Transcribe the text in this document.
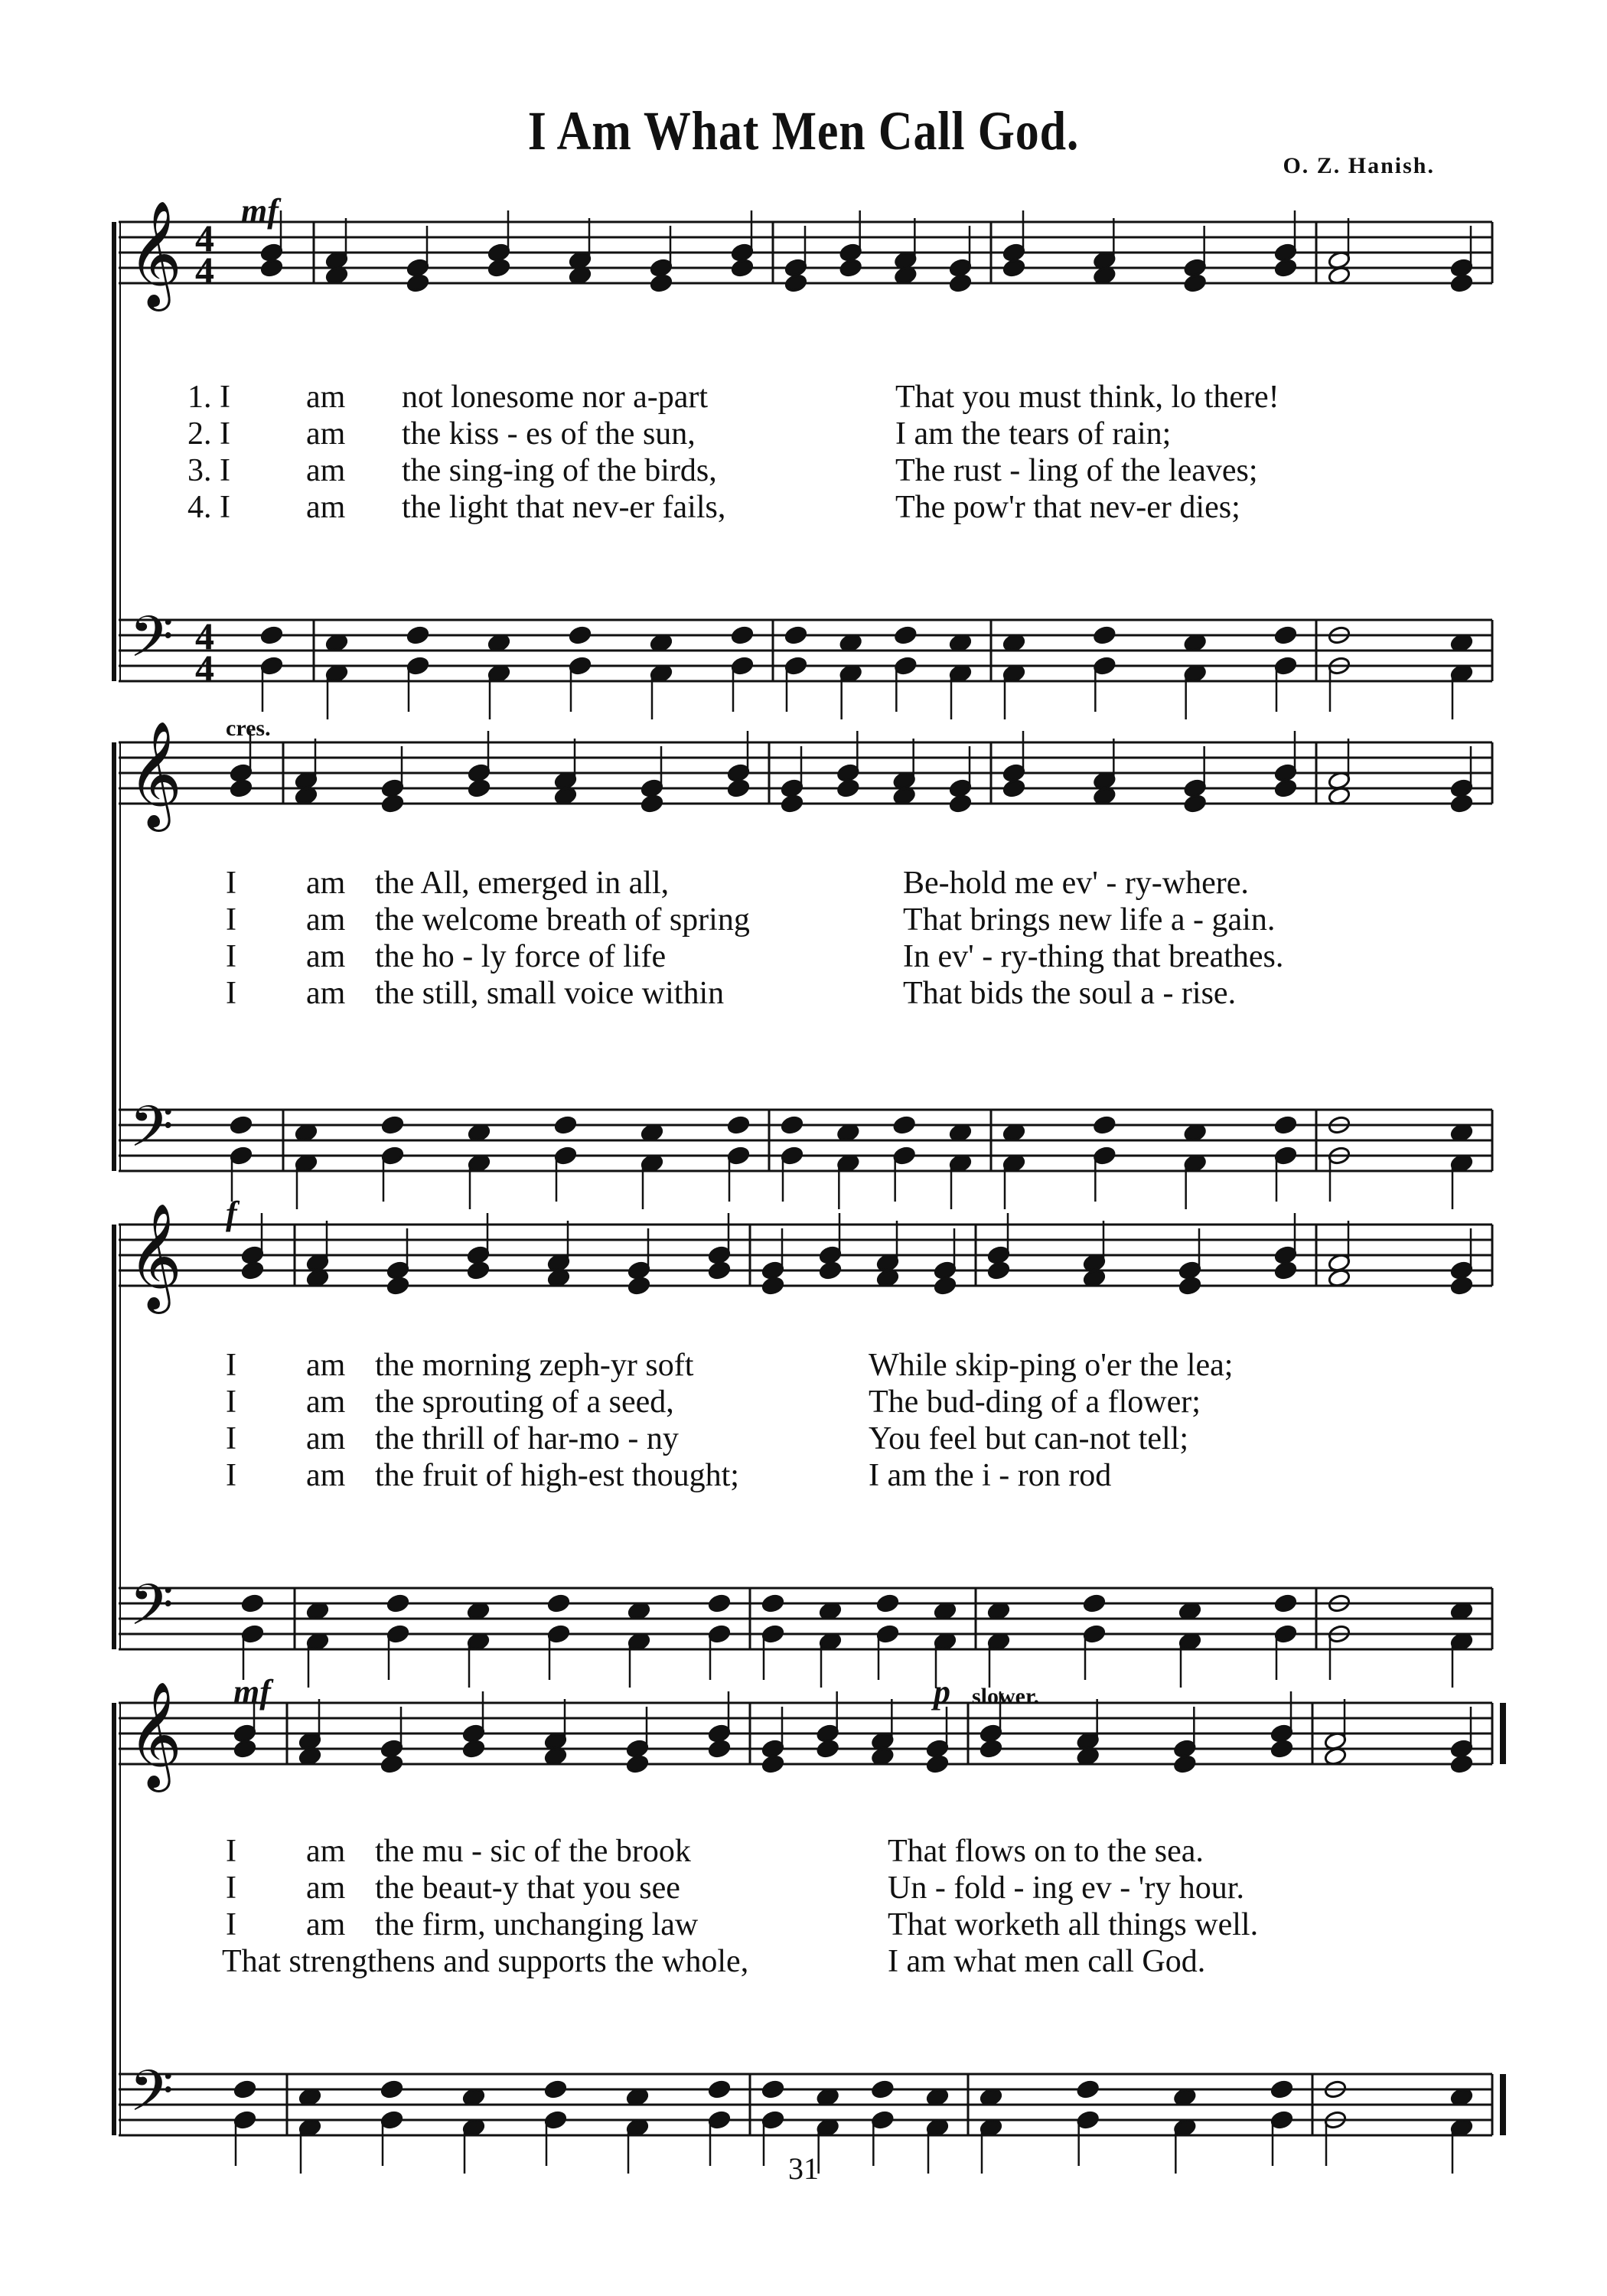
I Am What Men Call God.
O. Z. Hanish.
𝄞
𝄢
4
4
4
4
𝄞
𝄢
𝄞
𝄢
𝄞
𝄢
mf
1. I am not lonesome nor a-part	That you must think, lo there!
2. I am the kiss - es of the sun,	I am the tears of rain;
3. I am the sing-ing of the birds,	The rust - ling of the leaves;
4. I am the light that nev-er fails,	The pow'r that nev-er dies;
cres.
I am the All, emerged in all,	Be-hold me ev' - ry-where.
I am the welcome breath of spring	That brings new life a - gain.
I am the ho - ly force of life	In ev' - ry-thing that breathes.
I am the still, small voice within	That bids the soul a - rise.
f
I am the morning zeph-yr soft	While skip-ping o'er the lea;
I am the sprouting of a seed,	The bud-ding of a flower;
I am the thrill of har-mo - ny	You feel but can-not tell;
I am the fruit of high-est thought;	I am the i - ron rod
mf	p slower.
I am the mu - sic of the brook	That flows on to the sea.
I am the beaut-y that you see	Un - fold - ing ev - 'ry hour.
I am the firm, unchanging law	That worketh all things well.
That strengthens and supports the whole,	I am what men call God.
31
